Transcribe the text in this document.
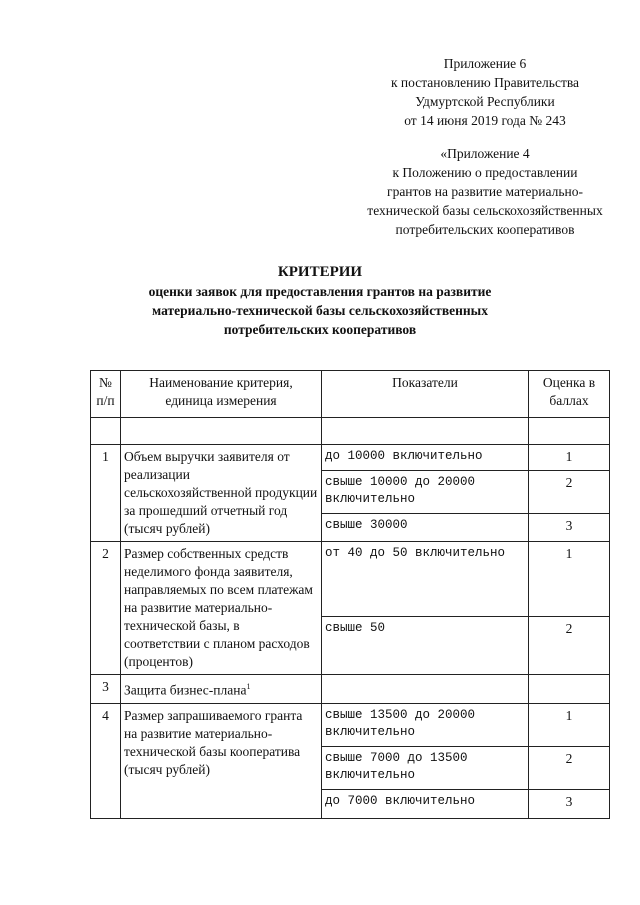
Приложение 6
к постановлению Правительства
Удмуртской Республики
от 14 июня 2019 года № 243
«Приложение 4
к Положению о предоставлении
грантов на развитие материально-
технической базы сельскохозяйственных
потребительских кооперативов
КРИТЕРИИ
оценки заявок для предоставления грантов на развитие
материально-технической базы сельскохозяйственных
потребительских кооперативов
№ п/п	Наименование критерия, единица измерения	Показатели	Оценка в баллах

1	Объем выручки заявителя от реализации сельскохозяйственной продукции за прошедший отчетный год (тысяч рублей)	до 10000 включительно	1
		свыше 10000 до 20000 включительно	2
		свыше 30000	3
2	Размер собственных средств неделимого фонда заявителя, направляемых по всем платежам на развитие материально-технической базы, в соответствии с планом расходов (процентов)	от 40 до 50 включительно	1
		свыше 50	2
3	Защита бизнес-плана$^1$		
4	Размер запрашиваемого гранта на развитие материально-технической базы кооператива (тысяч рублей)	свыше 13500 до 20000 включительно	1
		свыше 7000 до 13500 включительно	2
		до 7000 включительно	3
